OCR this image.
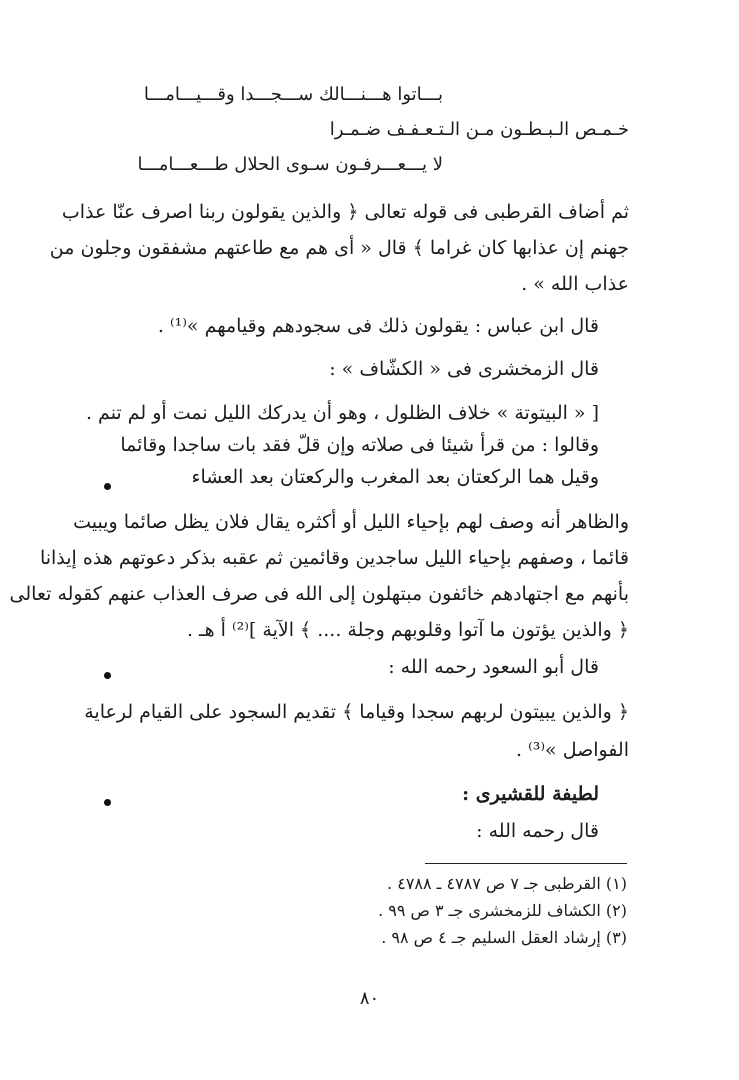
بـــاتوا هـــنـــالك ســـجـــدا وقـــيـــامـــا
خـمـص الـبـطـون مـن الـتـعـفـف ضـمـرا
لا يـــعـــرفـون سـوى الحلال طـــعـــامـــا
ثم أضاف القرطبى فى قوله تعالى ﴿ والذين يقولون ربنا اصرف عنّا عذاب
جهنم إن عذابها كان غراما ﴾ قال « أى هم مع طاعتهم مشفقون وجلون من
عذاب الله » .
قال ابن عباس : يقولون ذلك فى سجودهم وقيامهم »⁽¹⁾ .
قال الزمخشرى فى « الكشّاف » :
[ « البيتوتة » خلاف الظلول ، وهو أن يدركك الليل نمت أو لم تنم .
وقالوا : من قرأ شيئا فى صلاته وإن قلّ فقد بات ساجدا وقائما
وقيل هما الركعتان بعد المغرب والركعتان بعد العشاء
والظاهر أنه وصف لهم بإحياء الليل أو أكثره يقال فلان يظل صائما ويبيت
قائما ، وصفهم بإحياء الليل ساجدين وقائمين ثم عقبه بذكر دعوتهم هذه إيذانا
بأنهم مع اجتهادهم خائفون مبتهلون إلى الله فى صرف العذاب عنهم كقوله تعالى
﴿ والذين يؤتون ما آتوا وقلوبهم وجلة .... ﴾ الآية ]⁽²⁾ أ هـ .
قال أبو السعود رحمه الله :
﴿ والذين يبيتون لربهم سجدا وقياما ﴾ تقديم السجود على القيام لرعاية
الفواصل »⁽³⁾ .
لطيفة للقشيرى :
قال رحمه الله :
(١) القرطبى جـ ٧ ص ٤٧٨٧ ـ ٤٧٨٨ .
(٢) الكشاف للزمخشرى جـ ٣ ص ٩٩ .
(٣) إرشاد العقل السليم جـ ٤ ص ٩٨ .
٨٠
